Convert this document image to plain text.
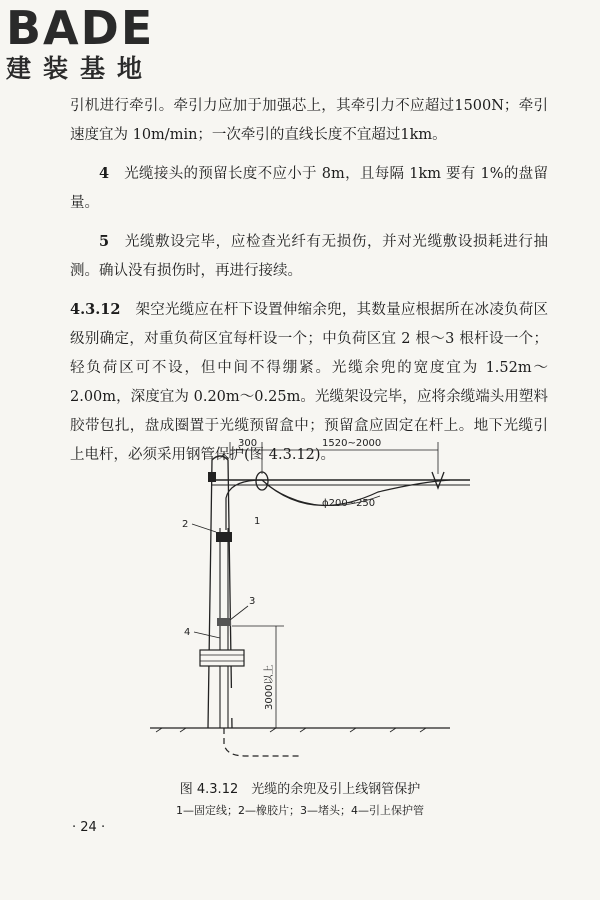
BADE
建装基地

引机进行牵引。牵引力应加于加强芯上，其牵引力不应超过1500N；牵引速度宜为 10m/min；一次牵引的直线长度不宜超过1km。

4　 光缆接头的预留长度不应小于 8m，且每隔 1km 要有 1%的盘留量。

5　 光缆敷设完毕，应检查光纤有无损伤，并对光缆敷设损耗进行抽测。确认没有损伤时，再进行接续。

4.3.12　 架空光缆应在杆下设置伸缩余兜，其数量应根据所在冰凌负荷区级别确定，对重负荷区宜每杆设一个；中负荷区宜 2 根～3 根杆设一个；轻负荷区可不设，但中间不得绷紧。光缆余兜的宽度宜为 1.52m～2.00m，深度宜为 0.20m～0.25m。光缆架设完毕，应将余缆端头用塑料胶带包扎，盘成圈置于光缆预留盒中；预留盒应固定在杆上。地下光缆引上电杆，必须采用钢管保护(图 4.3.12)。

300	1520~2000
ϕ200~250
1
2
3
4
3000以上
图 4.3.12　光缆的余兜及引上线钢管保护
1—固定线；2—橡胶片；3—堵头；4—引上保护管
· 24 ·
